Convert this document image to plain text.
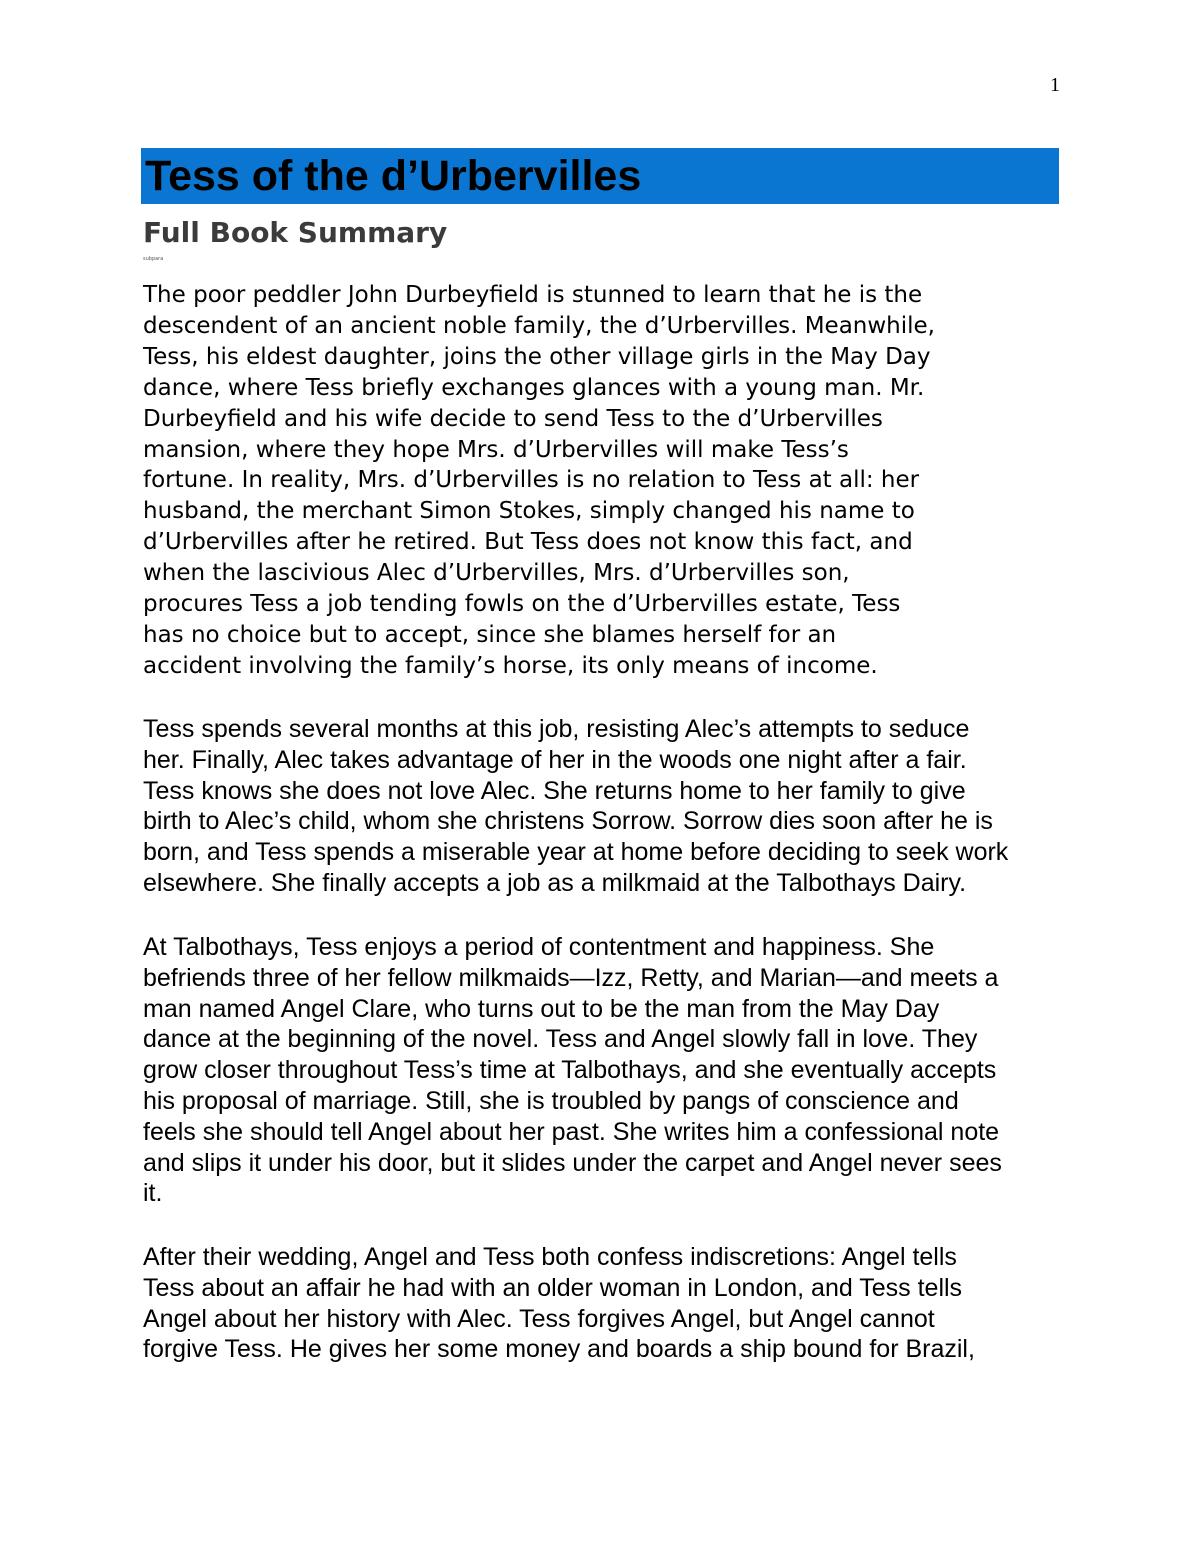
1
Tess of the d’Urbervilles
Full Book Summary
subpara

The poor peddler John Durbeyfield is stunned to learn that he is the
descendent of an ancient noble family, the d’Urbervilles. Meanwhile,
Tess, his eldest daughter, joins the other village girls in the May Day
dance, where Tess briefly exchanges glances with a young man. Mr.
Durbeyfield and his wife decide to send Tess to the d’Urbervilles
mansion, where they hope Mrs. d’Urbervilles will make Tess’s
fortune. In reality, Mrs. d’Urbervilles is no relation to Tess at all: her
husband, the merchant Simon Stokes, simply changed his name to
d’Urbervilles after he retired. But Tess does not know this fact, and
when the lascivious Alec d’Urbervilles, Mrs. d’Urbervilles son,
procures Tess a job tending fowls on the d’Urbervilles estate, Tess
has no choice but to accept, since she blames herself for an
accident involving the family’s horse, its only means of income.

Tess spends several months at this job, resisting Alec’s attempts to seduce
her. Finally, Alec takes advantage of her in the woods one night after a fair.
Tess knows she does not love Alec. She returns home to her family to give
birth to Alec’s child, whom she christens Sorrow. Sorrow dies soon after he is
born, and Tess spends a miserable year at home before deciding to seek work
elsewhere. She finally accepts a job as a milkmaid at the Talbothays Dairy.

At Talbothays, Tess enjoys a period of contentment and happiness. She
befriends three of her fellow milkmaids—Izz, Retty, and Marian—and meets a
man named Angel Clare, who turns out to be the man from the May Day
dance at the beginning of the novel. Tess and Angel slowly fall in love. They
grow closer throughout Tess’s time at Talbothays, and she eventually accepts
his proposal of marriage. Still, she is troubled by pangs of conscience and
feels she should tell Angel about her past. She writes him a confessional note
and slips it under his door, but it slides under the carpet and Angel never sees
it.

After their wedding, Angel and Tess both confess indiscretions: Angel tells
Tess about an affair he had with an older woman in London, and Tess tells
Angel about her history with Alec. Tess forgives Angel, but Angel cannot
forgive Tess. He gives her some money and boards a ship bound for Brazil,
